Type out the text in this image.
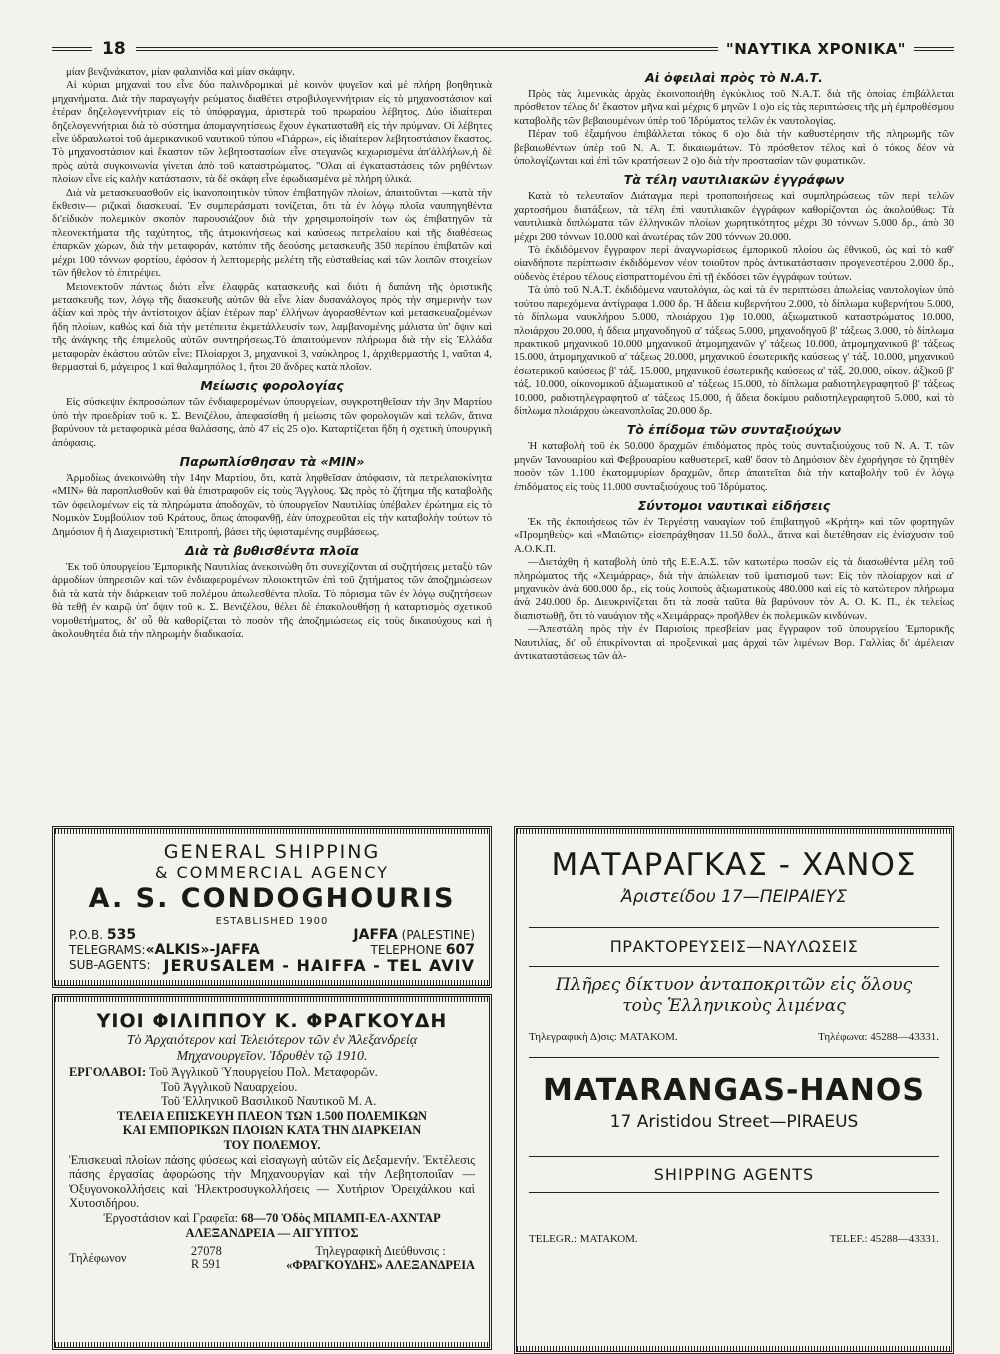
18	"ΝΑΥΤΙΚΑ ΧΡΟΝΙΚΑ"

μίαν βενζινάκατον, μίαν φαλαινίδα καὶ μίαν σκάφην.

Αἱ κύριαι μηχαναὶ του εἶνε δύο παλινδρομικαὶ μὲ κοινὸν ψυγεῖον καὶ μὲ πλήρη βοηθητικὰ μηχανήματα. Διὰ τὴν παραγωγὴν ρεύματος διαθέτει στροβιλογεννήτριαν εἰς τὸ μηχανοστάσιον καὶ ἑτέραν δηζελογεννήτριαν εἰς τὸ ὑπόφραγμα, ἀριστερὰ τοῦ πρωραίου λέβητος. Δύο ἰδιαίτεραι δηζελογεννήτριαι διὰ τὸ σύστημα ἀπομαγνητίσεως ἔχουν ἐγκατασταθῆ εἰς τὴν πρύμναν. Οἱ λέβητες εἶνε ὑδραυλωτοὶ τοῦ ἀμερικανικοῦ ναυτικοῦ τύπου «Γιάρρω», εἰς ἰδιαίτερον λεβητοστάσιον ἕκαστος. Τὸ μηχανοστάσιον καὶ ἕκαστον τῶν λεβητοστασίων εἶνε στεγανῶς κεχωρισμένα ἀπ'ἀλλήλων,ἡ δὲ πρὸς αὐτὰ συγκοινωνία γίνεται ἀπὸ τοῦ καταστρώματος. "Ολαι αἱ ἐγκαταστάσεις τῶν ρηθέντων πλοίων εἶνε εἰς καλὴν κατάστασιν, τὰ δὲ σκάφη εἶνε ἐφωδιασμένα μὲ πλήρη ὑλικά.

Διὰ νὰ μετασκευασθοῦν εἰς ἱκανοποιητικὸν τύπον ἐπιβατηγῶν πλοίων, ἀπαιτοῦνται —κατὰ τὴν ἔκθεσιν— ριζικαὶ διασκευαί. Ἐν συμπεράσματι τονίζεται, ὅτι τὰ ἐν λόγῳ πλοῖα ναυπηγηθέντα δι'εἰδικὸν πολεμικὸν σκοπὸν παρουσιάζουν διὰ τὴν χρησιμοποίησίν των ὡς ἐπιβατηγῶν τὰ πλεονεκτήματα τῆς ταχύτητος, τῆς ἀτμοκινήσεως καὶ καύσεως πετρελαίου καὶ τῆς διαθέσεως ἐπαρκῶν χώρων, διὰ τὴν μεταφοράν, κατόπιν τῆς δεούσης μετασκευῆς 350 περίπου ἐπιβατῶν καὶ μέχρι 100 τόννων φορτίου, ἐφόσον ἡ λεπτομερὴς μελέτη τῆς εὐσταθείας καὶ τῶν λοιπῶν στοιχείων τῶν ἤθελον τὸ ἐπιτρέψει.

Μειονεκτοῦν πάντως διότι εἶνε ἐλαφρᾶς κατασκευῆς καὶ διότι ἡ δαπάνη τῆς ὁριστικῆς μετασκευῆς των, λόγῳ τῆς διασκευῆς αὐτῶν θὰ εἶνε λίαν δυσανάλογος πρὸς τὴν σημερινὴν των ἀξίαν καὶ πρὸς τὴν ἀντίστοιχον ἀξίαν ἑτέρων παρ' ἐλλήνων ἀγορασθέντων καὶ μετασκευαζομένων ἤδη πλοίων, καθὼς καὶ διὰ τὴν μετέπειτα ἐκμετάλλευσίν των, λαμβανομένης μάλιστα ὑπ' ὄψιν καὶ τῆς ἀνάγκης τῆς ἐπιμελοῦς αὐτῶν συντηρήσεως.Τὸ ἀπαιτούμενον πλήρωμα διὰ τὴν εἰς Ἑλλάδα μεταφορὰν ἑκάστου αὐτῶν εἶνε: Πλοίαρχοι 3, μηχανικοὶ 3, ναύκληρος 1, ἀρχιθερμαστὴς 1, ναῦται 4, θερμασταὶ 6, μάγειρος 1 καὶ θαλαμηπόλος 1, ἤτοι 20 ἄνδρες κατὰ πλοῖον.

Μείωσις φορολογίας

Εἰς σύσκεψιν ἐκπροσώπων τῶν ἐνδιαφερομένων ὑπουργείων, συγκροτηθεῖσαν τὴν 3ην Μαρτίου ὑπὸ τὴν προεδρίαν τοῦ κ. Σ. Βενιζέλου, ἀπεφασίσθη ἡ μείωσις τῶν φορολογιῶν καὶ τελῶν, ἅτινα βαρύνουν τὰ μεταφορικὰ μέσα θαλάσσης, ἀπὸ 47 εἰς 25 ο)ο. Καταρτίζεται ἤδη ἡ σχετικὴ ὑπουργικὴ ἀπόφασις.

Παρωπλίσθησαν τὰ «ΜΙΝ»

Ἁρμοδίως ἀνεκοινώθη τὴν 14ην Μαρτίου, ὅτι, κατὰ ληφθεῖσαν ἀπόφασιν, τὰ πετρελαιοκίνητα «ΜΙΝ» θὰ παροπλισθοῦν καὶ θὰ ἐπιστραφοῦν εἰς τοὺς Ἄγγλους. Ὡς πρὸς τὸ ζήτημα τῆς καταβολῆς τῶν ὀφειλομένων εἰς τὰ πληρώματα ἀποδοχῶν, τὸ ὑπουργεῖον Ναυτιλίας ὑπέβαλεν ἐρώτημα εἰς τὸ Νομικὸν Συμβούλιον τοῦ Κράτους, ὅπως ἀποφανθῇ, ἐὰν ὑποχρεοῦται εἰς τὴν καταβολὴν τούτων τὸ Δημόσιον ἢ ἡ Διαχειριστικὴ Ἐπιτροπή, βάσει τῆς ὑφισταμένης συμβάσεως.

Διὰ τὰ βυθισθέντα πλοῖα

Ἐκ τοῦ ὑπουργείου Ἐμπορικῆς Ναυτιλίας ἀνεκοινώθη ὅτι συνεχίζονται αἱ συζητήσεις μεταξὺ τῶν ἁρμοδίων ὑπηρεσιῶν καὶ τῶν ἐνδιαφερομένων πλοιοκτητῶν ἐπὶ τοῦ ζητήματος τῶν ἀποζημιώσεων διὰ τὰ κατὰ τὴν διάρκειαν τοῦ πολέμου ἀπωλεσθέντα πλοῖα. Τὸ πόρισμα τῶν ἐν λόγῳ συζητήσεων θὰ τεθῇ ἐν καιρῷ ὑπ' ὄψιν τοῦ κ. Σ. Βενιζέλου, θέλει δὲ ἐπακολουθήσῃ ἡ καταρτισμὸς σχετικοῦ νομοθετήματος, δι' οὗ θὰ καθορίζεται τὸ ποσὸν τῆς ἀποζημιώσεως εἰς τοὺς δικαιούχους καὶ ἡ ἀκολουθητέα διὰ τὴν πληρωμὴν διαδικασία.

Αἱ ὀφειλαὶ πρὸς τὸ Ν.Α.Τ.

Πρὸς τὰς λιμενικὰς ἀρχὰς ἐκοινοποιήθη ἐγκύκλιος τοῦ Ν.Α.Τ. διὰ τῆς ὁποίας ἐπιβάλλεται πρόσθετον τέλος δι' ἕκαστον μῆνα καὶ μέχρις 6 μηνῶν 1 ο)ο εἰς τὰς περιπτώσεις τῆς μὴ ἐμπροθέσμου καταβολῆς τῶν βεβαιουμένων ὑπὲρ τοῦ Ἱδρύματος τελῶν ἐκ ναυτολογίας.

Πέραν τοῦ ἑξαμήνου ἐπιβάλλεται τόκος 6 ο)ο διὰ τὴν καθυστέρησιν τῆς πληρωμῆς τῶν βεβαιωθέντων ὑπὲρ τοῦ Ν. Α. Τ. δικαιωμάτων. Τὸ πρόσθετον τέλος καὶ ὁ τόκος δέον νὰ ὑπολογίζωνται καὶ ἐπὶ τῶν κρατήσεων 2 ο)ο διὰ τὴν προστασίαν τῶν φυματικῶν.

Τὰ τέλη ναυτιλιακῶν ἐγγράφων

Κατὰ τὸ τελευταῖον Διάταγμα περὶ τροποποιήσεως καὶ συμπληρώσεως τῶν περὶ τελῶν χαρτοσήμου διατάξεων, τὰ τέλη ἐπὶ ναυτιλιακῶν ἐγγράφων καθορίζονται ὡς ἀκολούθως: Τὰ ναυτιλιακὰ διπλώματα τῶν ἑλληνικῶν πλοίων χωρητικότητος μέχρι 30 τόννων 5.000 δρ., ἀπὸ 30 μέχρι 200 τόννων 10.000 καὶ ἀνωτέρας τῶν 200 τόννων 20.000.

Τὸ ἐκδιδόμενον ἔγγραφον περὶ ἀναγνωρίσεως ἐμπορικοῦ πλοίου ὡς ἐθνικοῦ, ὡς καὶ τὸ καθ' οἱανδήποτε περίπτωσιν ἐκδιδόμενον νέον τοιοῦτον πρὸς ἀντικατάστασιν προγενεστέρου 2.000 δρ., οὐδενὸς ἑτέρου τέλους εἰσπραττομένου ἐπὶ τῇ ἐκδόσει τῶν ἐγγράφων τούτων.

Τὰ ὑπὸ τοῦ Ν.Α.Τ. ἐκδιδόμενα ναυτολόγια, ὡς καὶ τὰ ἐν περιπτώσει ἀπωλείας ναυτολογίων ὑπὸ τούτου παρεχόμενα ἀντίγραφα 1.000 δρ. Ἡ ἄδεια κυβερνήτου 2.000, τὸ δίπλωμα κυβερνήτου 5.000, τὸ δίπλωμα ναυκλήρου 5.000, πλοιάρχου 1)φ 10.000, ἀξιωματικοῦ καταστρώματος 10.000, πλοιάρχου 20.000, ἡ ἄδεια μηχανοδηγοῦ α' τάξεως 5.000, μηχανοδηγοῦ β' τάξεως 3.000, τὸ δίπλωμα πρακτικοῦ μηχανικοῦ 10.000 μηχανικοῦ ἀτμομηχανῶν γ' τάξεως 10.000, ἀτμομηχανικοῦ β' τάξεως 15.000, ἀτμομηχανικοῦ α' τάξεως 20.000, μηχανικοῦ ἐσωτερικῆς καύσεως γ' τάξ. 10.000, μηχανικοῦ ἐσωτερικοῦ καύσεως β' τάξ. 15.000, μηχανικοῦ ἐσωτερικῆς καύσεως α' τάξ. 20.000, οἰκον. ἀξ)κοῦ β' τάξ. 10.000, οἰκονομικοῦ ἀξιωματικοῦ α' τάξεως 15.000, τὸ δίπλωμα ραδιοτηλεγραφητοῦ β' τάξεως 10.000, ραδιοτηλεγραφητοῦ α' τάξεως 15.000, ἡ ἄδεια δοκίμου ραδιοτηλεγραφητοῦ 5.000, καὶ τὸ δίπλωμα πλοιάρχου ὠκεανοπλοΐας 20.000 δρ.

Τὸ ἐπίδομα τῶν συνταξιούχων

Ἡ καταβολὴ τοῦ ἐκ 50.000 δραχμῶν ἐπιδόματος πρὸς τοὺς συνταξιούχους τοῦ Ν. Α. Τ. τῶν μηνῶν Ἰανουαρίου καὶ Φεβρουαρίου καθυστερεῖ, καθ' ὅσον τὸ Δημόσιον δὲν ἐχορήγησε τὸ ζητηθὲν ποσὸν τῶν 1.100 ἑκατομμυρίων δραχμῶν, ὅπερ ἀπαιτεῖται διὰ τὴν καταβολὴν τοῦ ἐν λόγῳ ἐπιδόματος εἰς τοὺς 11.000 συνταξιούχους τοῦ Ἱδρύματος.

Σύντομοι ναυτικαὶ εἰδήσεις

Ἐκ τῆς ἐκποιήσεως τῶν ἐν Τεργέστῃ ναυαγίων τοῦ ἐπιβατηγοῦ «Κρήτη» καὶ τῶν φορτηγῶν «Προμηθεὺς» καὶ «Μαιῶτις» εἰσεπράχθησαν 11.50 δολλ., ἅτινα καὶ διετέθησαν εἰς ἐνίσχυσιν τοῦ Α.Ο.Κ.Π.

—Διετάχθη ἡ καταβολὴ ὑπὸ τῆς Ε.Ε.Α.Σ. τῶν κατωτέρω ποσῶν εἰς τὰ διασωθέντα μέλη τοῦ πληρώματος τῆς «Χειμάρρας», διὰ τὴν ἀπώλειαν τοῦ ἱματισμοῦ των: Εἰς τὸν πλοίαρχον καὶ α' μηχανικὸν ἀνὰ 600.000 δρ., εἰς τοὺς λοιποὺς ἀξιωματικοὺς 480.000 καὶ εἰς τὸ κατώτερον πλήρωμα ἀνὰ 240.000 δρ. Διευκρινίζεται ὅτι τὰ ποσὰ ταῦτα θὰ βαρύνουν τὸν Α. Ο. Κ. Π., ἐκ τελείως διαπιστωθῇ, ὅτι τὸ ναυάγιον τῆς «Χειμάρρας» προῆλθεν ἐκ πολεμικῶν κινδύνων.

—Ἀπεστάλη πρὸς τὴν ἐν Παρισίοις πρεσβείαν μας ἔγγραφον τοῦ ὑπουργείου Ἐμπορικῆς Ναυτιλίας, δι' οὗ ἐπικρίνονται αἱ προξενικαὶ μας ἀρχαὶ τῶν λιμένων Βορ. Γαλλίας δι' ἀμέλειαν ἀντικαταστάσεως τῶν ἀλ-

GENERAL SHIPPING
& COMMERCIAL AGENCY
A. S. CONDOGHOURIS
ESTABLISHED 1900
P.O.B. 535	JAFFA (PALESTINE)
TELEGRAMS:«ALKIS»-JAFFA	TELEPHONE 607
SUB-AGENTS: JERUSALEM - HAIFFA - TEL AVIV
ΥΙΟΙ ΦΙΛΙΠΠΟΥ Κ. ΦΡΑΓΚΟΥΔΗ
Τὸ Ἀρχαιότερον καὶ Τελειότερον τῶν ἐν Ἀλεξανδρείᾳ
Μηχανουργεῖον. Ἱδρυθὲν τῷ 1910.
ΕΡΓΟΛΑΒΟΙ: Τοῦ Ἀγγλικοῦ Ὑπουργείου Πολ. Μεταφορῶν.
Τοῦ Ἀγγλικοῦ Ναυαρχείου.
Τοῦ Ἑλληνικοῦ Βασιλικοῦ Ναυτικοῦ Μ. Α.
ΤΕΛΕΙΑ ΕΠΙΣΚΕΥΗ ΠΛΕΟΝ ΤΩΝ 1.500 ΠΟΛΕΜΙΚΩΝ
ΚΑΙ ΕΜΠΟΡΙΚΩΝ ΠΛΟΙΩΝ ΚΑΤΑ ΤΗΝ ΔΙΑΡΚΕΙΑΝ
ΤΟΥ ΠΟΛΕΜΟΥ.
Ἐπισκευαὶ πλοίων πάσης φύσεως καὶ εἰσαγωγὴ αὐτῶν εἰς Δεξαμενήν. Ἐκτέλεσις πάσης ἐργασίας ἀφορώσης τὴν Μηχανουργίαν καὶ τὴν Λεβητοποιΐαν — Ὀξυγονοκολλήσεις καὶ Ἠλεκτροσυγκολλήσεις — Χυτήριον Ὀρειχάλκου καὶ Χυτοσιδήρου.
Ἐργοστάσιον καὶ Γραφεῖα: 68—70 Ὁδὸς ΜΠΑΜΠ-ΕΛ-ΑΧΝΤΑΡ
ΑΛΕΞΑΝΔΡΕΙΑ — ΑΙΓΥΠΤΟΣ
Τηλέφωνον	27078
R 591
Τηλεγραφικὴ Διεύθυνσις :
«ΦΡΑΓΚΟΥΔΗΣ» ΑΛΕΞΑΝΔΡΕΙΑ
ΜΑΤΑΡΑΓΚΑΣ - ΧΑΝΟΣ
Ἀριστείδου 17—ΠΕΙΡΑΙΕΥΣ
ΠΡΑΚΤΟΡΕΥΣΕΙΣ—ΝΑΥΛΩΣΕΙΣ
Πλῆρες δίκτυον ἀνταποκριτῶν εἰς ὅλους
τοὺς Ἑλληνικοὺς λιμένας
Τηλεγραφικὴ Δ)σις: ΜΑΤΑΚΟΜ.	Τηλέφωνα: 45288—43331.
MATARANGAS-HANOS
17 Aristidou Street—PIRAEUS
SHIPPING AGENTS
TELEGR.: ΜΑΤΑΚΟΜ.	TELEF.: 45288—43331.
